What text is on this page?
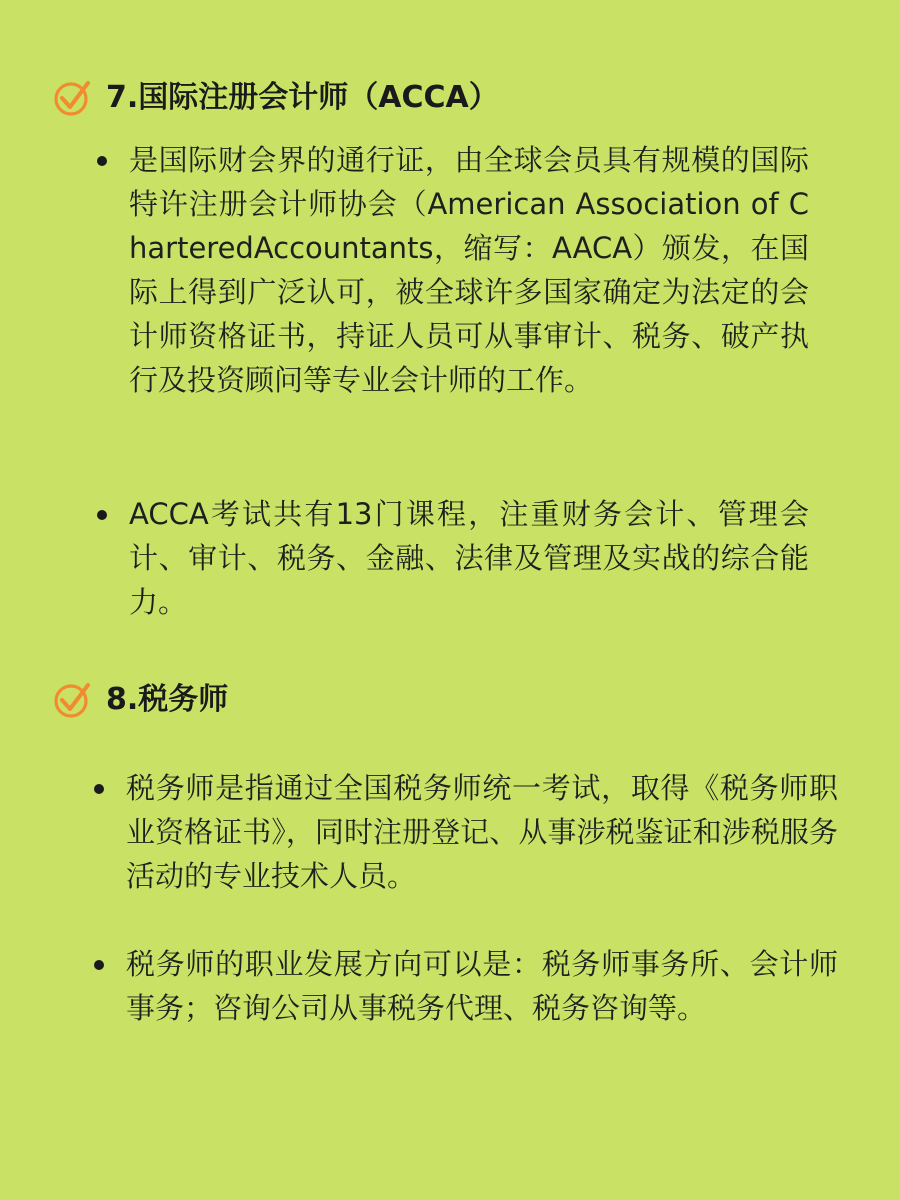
7.国际注册会计师（ACCA）
是国际财会界的通行证，由全球会员具有规模的国际特许注册会计师协会（American Association of CharteredAccountants，缩写：AACA）颁发，在国际上得到广泛认可，被全球许多国家确定为法定的会计师资格证书，持证人员可从事审计、税务、破产执行及投资顾问等专业会计师的工作。
ACCA考试共有13门课程，注重财务会计、管理会计、审计、税务、金融、法律及管理及实战的综合能力。
8.税务师
税务师是指通过全国税务师统一考试，取得《税务师职业资格证书》，同时注册登记、从事涉税鉴证和涉税服务活动的专业技术人员。
税务师的职业发展方向可以是：税务师事务所、会计师事务；咨询公司从事税务代理、税务咨询等。
